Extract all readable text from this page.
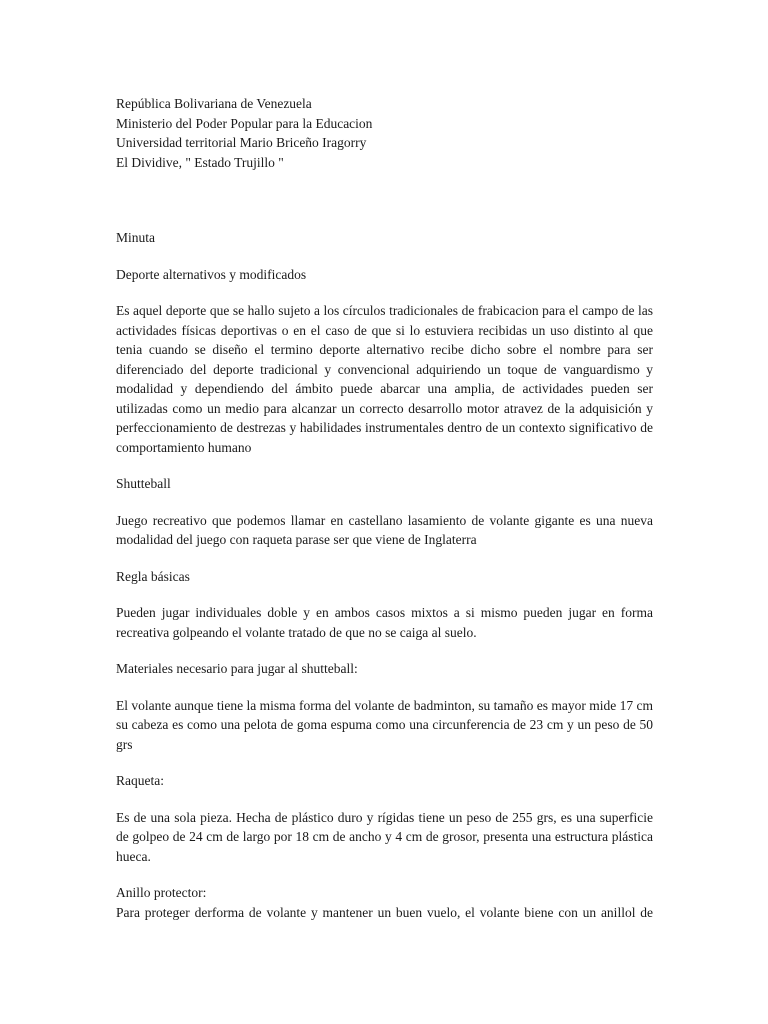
República Bolivariana de Venezuela
Ministerio del Poder Popular para la Educacion
Universidad territorial Mario Briceño Iragorry
El Dividive, " Estado Trujillo "

Minuta

Deporte alternativos y modificados

Es aquel deporte que se hallo sujeto a los círculos tradicionales de frabicacion para el campo de las actividades físicas deportivas o en el caso de que si lo estuviera recibidas un uso distinto al que tenia cuando se diseño el termino deporte alternativo recibe dicho sobre el nombre para ser diferenciado del deporte tradicional y convencional adquiriendo un toque de vanguardismo y modalidad y dependiendo del ámbito puede abarcar una amplia, de actividades pueden ser utilizadas como un medio para alcanzar un correcto desarrollo motor atravez de la adquisición y perfeccionamiento de destrezas y habilidades instrumentales dentro de un contexto significativo de comportamiento humano

Shutteball

Juego recreativo que podemos llamar en castellano lasamiento de volante gigante es una nueva modalidad del juego con raqueta parase ser que viene de Inglaterra

Regla básicas

Pueden jugar individuales doble y en ambos casos mixtos a si mismo pueden jugar en forma recreativa golpeando el volante tratado de que no se caiga al suelo.

Materiales necesario para jugar al shutteball:

El volante aunque tiene la misma forma del volante de badminton, su tamaño es mayor mide 17 cm su cabeza es como una pelota de goma espuma como una circunferencia de 23 cm y un peso de 50 grs

Raqueta:

Es de una sola pieza. Hecha de plástico duro y rígidas tiene un peso de 255 grs, es una superficie de golpeo de 24 cm de largo por 18 cm de ancho y 4 cm de grosor, presenta una estructura plástica hueca.

Anillo protector:

Para proteger derforma de volante y mantener un buen vuelo, el volante biene con un anillol de
